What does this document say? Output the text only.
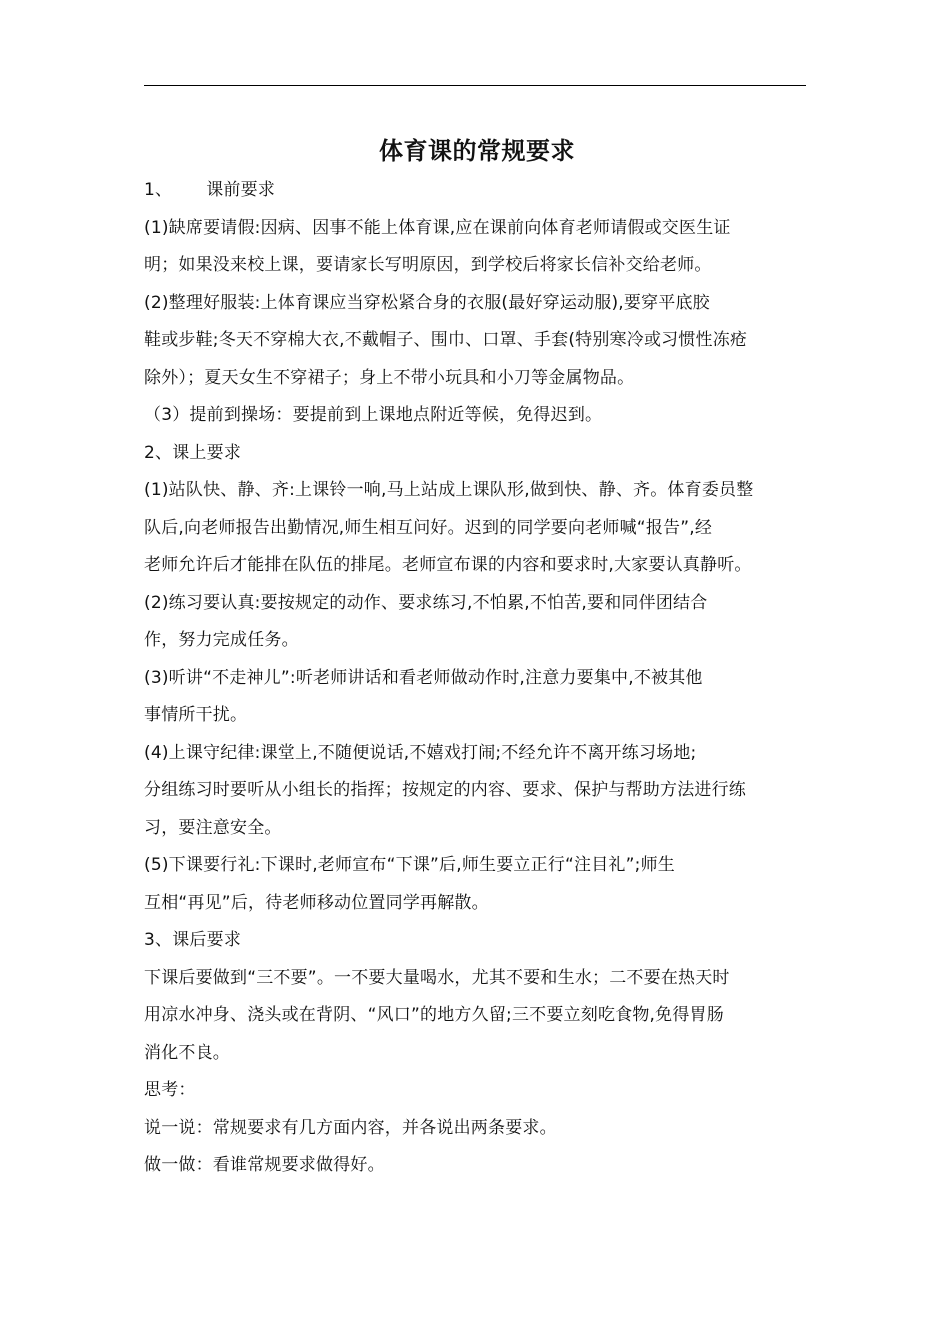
体育课的常规要求

1、 课前要求

(1)缺席要请假:因病、因事不能上体育课,应在课前向体育老师请假或交医生证

明；如果没来校上课，要请家长写明原因，到学校后将家长信补交给老师。

(2)整理好服装:上体育课应当穿松紧合身的衣服(最好穿运动服),要穿平底胶

鞋或步鞋;冬天不穿棉大衣,不戴帽子、围巾、口罩、手套(特别寒冷或习惯性冻疮

除外）；夏天女生不穿裙子；身上不带小玩具和小刀等金属物品。

（3）提前到操场：要提前到上课地点附近等候，免得迟到。

2、课上要求

(1)站队快、静、齐:上课铃一响,马上站成上课队形,做到快、静、齐。体育委员整

队后,向老师报告出勤情况,师生相互问好。迟到的同学要向老师喊“报告”,经

老师允许后才能排在队伍的排尾。老师宣布课的内容和要求时,大家要认真静听。

(2)练习要认真:要按规定的动作、要求练习,不怕累,不怕苦,要和同伴团结合

作，努力完成任务。

(3)听讲“不走神儿”:听老师讲话和看老师做动作时,注意力要集中,不被其他

事情所干扰。

(4)上课守纪律:课堂上,不随便说话,不嬉戏打闹;不经允许不离开练习场地;

分组练习时要听从小组长的指挥；按规定的内容、要求、保护与帮助方法进行练

习，要注意安全。

(5)下课要行礼:下课时,老师宣布“下课”后,师生要立正行“注目礼”;师生

互相“再见”后，待老师移动位置同学再解散。

3、课后要求

下课后要做到“三不要”。一不要大量喝水，尤其不要和生水；二不要在热天时

用凉水冲身、浇头或在背阴、“风口”的地方久留;三不要立刻吃食物,免得胃肠

消化不良。

思考：

说一说：常规要求有几方面内容，并各说出两条要求。

做一做：看谁常规要求做得好。
